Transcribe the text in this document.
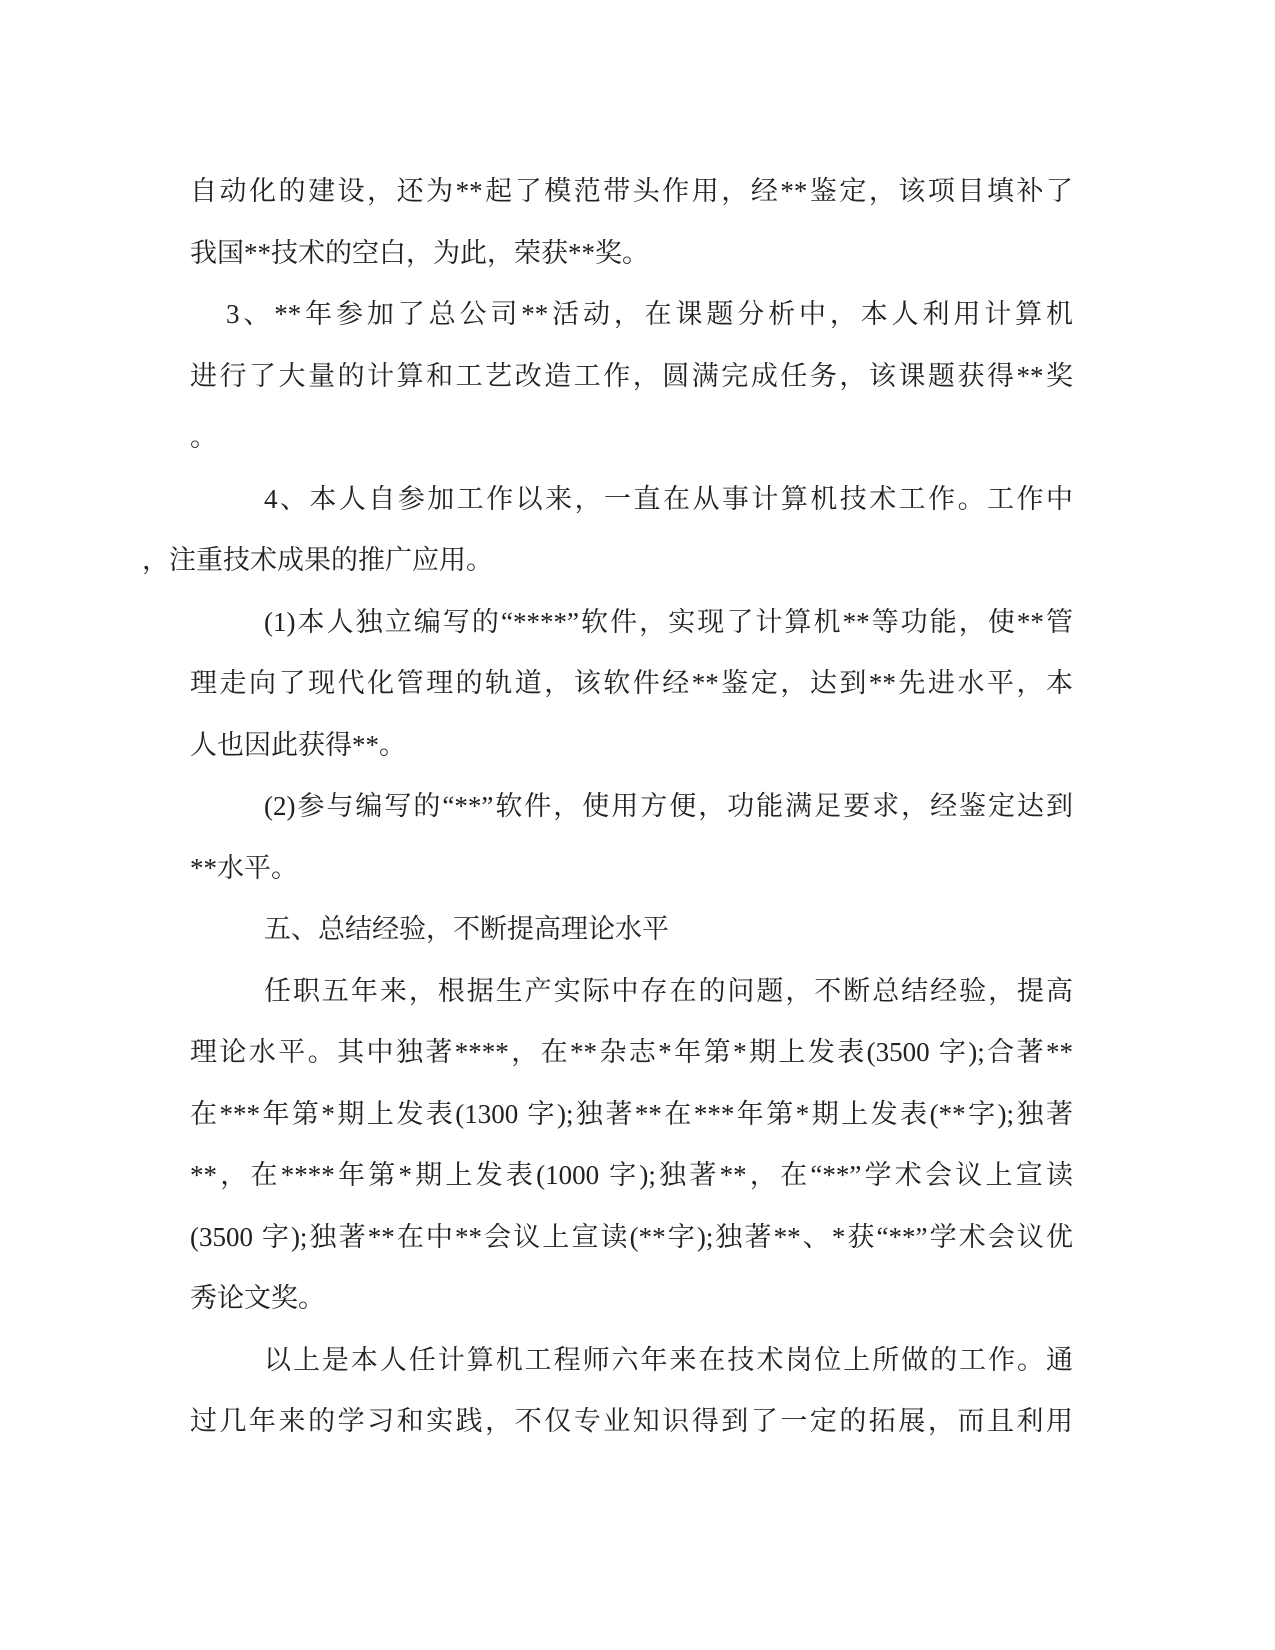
自动化的建设，还为**起了模范带头作用，经**鉴定，该项目填补了
我国**技术的空白，为此，荣获**奖。
3、**年参加了总公司**活动，在课题分析中，本人利用计算机
进行了大量的计算和工艺改造工作，圆满完成任务，该课题获得**奖
。
4、本人自参加工作以来，一直在从事计算机技术工作。工作中
，注重技术成果的推广应用。
(1)本人独立编写的“****”软件，实现了计算机**等功能，使**管
理走向了现代化管理的轨道，该软件经**鉴定，达到**先进水平，本
人也因此获得**。
(2)参与编写的“**”软件，使用方便，功能满足要求，经鉴定达到
**水平。
五、总结经验，不断提高理论水平
任职五年来，根据生产实际中存在的问题，不断总结经验，提高
理论水平。其中独著****，在**杂志*年第*期上发表(3500 字);合著**
在***年第*期上发表(1300 字);独著**在***年第*期上发表(**字);独著
**，在****年第*期上发表(1000 字);独著**，在“**”学术会议上宣读
(3500 字);独著**在中**会议上宣读(**字);独著**、*获“**”学术会议优
秀论文奖。
以上是本人任计算机工程师六年来在技术岗位上所做的工作。通
过几年来的学习和实践，不仅专业知识得到了一定的拓展，而且利用
